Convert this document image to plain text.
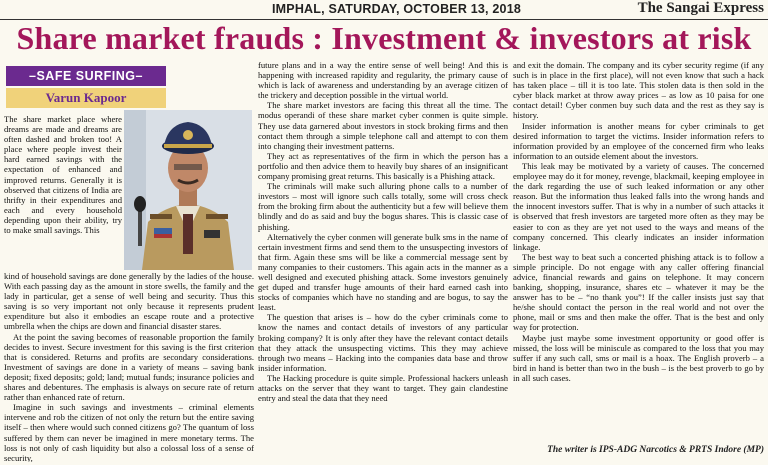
IMPHAL, SATURDAY, OCTOBER 13, 2018	The Sangai Express
Share market frauds : Investment & investors at risk
–SAFE SURFING–
Varun Kapoor

The share market place where dreams are made and dreams are often dashed and broken too! A place where people invest their hard earned savings with the expectation of enhanced and improved returns. Generally it is observed that citizens of India are thrifty in their expenditures and each and every household depending upon their ability, try to make small savings. This

kind of household savings are done generally by the ladies of the house. With each passing day as the amount in store swells, the family and the lady in particular, get a sense of well being and security. Thus this saving is so very important not only because it represents prudent expenditure but also it embodies an escape route and a protective umbrella when the chips are down and financial disaster stares.

At the point the saving becomes of reasonable proportion the family decides to invest. Secure investment for this saving is the first criterion that is considered. Returns and profits are secondary considerations. Investment of savings are done in a variety of means – saving bank deposit; fixed deposits; gold; land; mutual funds; insurance policies and shares and debentures. The emphasis is always on secure rate of return rather than enhanced rate of return.

Imagine in such savings and investments – criminal elements intervene and rob the citizen of not only the return but the entire saving itself – then where would such conned citizens go? The quantum of loss suffered by them can never be imagined in mere monetary terms. The loss is not only of cash liquidity but also a colossal loss of a sense of security,

future plans and in a way the entire sense of well being! And this is happening with increased rapidity and regularity, the primary cause of which is lack of awareness and understanding by an average citizen of the trickery and deception possible in the virtual world.

The share market investors are facing this threat all the time. The modus operandi of these share market cyber conmen is quite simple. They use data garnered about investors in stock broking firms and then contact them through a simple telephone call and attempt to con them into changing their investment patterns.

They act as representatives of the firm in which the person has a portfolio and then advice them to heavily buy shares of an insignificant company promising great returns. This basically is a Phishing attack.

The criminals will make such alluring phone calls to a number of investors – most will ignore such calls totally, some will cross check from the broking firm about the authenticity but a few will believe them blindly and do as said and buy the bogus shares. This is classic case of phishing.

Alternatively the cyber conmen will generate bulk sms in the name of certain investment firms and send them to the unsuspecting investors of that firm. Again these sms will be like a commercial message sent by many companies to their customers. This again acts in the manner as a well designed and executed phishing attack. Some investors genuinely get duped and transfer huge amounts of their hard earned cash into stocks of companies which have no standing and are bogus, to say the least.

The question that arises is – how do the cyber criminals come to know the names and contact details of investors of any particular broking company? It is only after they have the relevant contact details that they attack the unsuspecting victims. This they may achieve through two means – Hacking into the companies data base and throw insider information.

The Hacking procedure is quite simple. Professional hackers unleash attacks on the server that they want to target. They gain clandestine entry and steal the data that they need

and exit the domain. The company and its cyber security regime (if any such is in place in the first place), will not even know that such a hack has taken place – till it is too late. This stolen data is then sold in the cyber black market at throw away prices – as low as 10 paisa for one contact detail! Cyber conmen buy such data and the rest as they say is history.

Insider information is another means for cyber criminals to get desired information to target the victims. Insider information refers to information provided by an employee of the concerned firm who leaks information to an outside element about the investors.

This leak may be motivated by a variety of causes. The concerned employee may do it for money, revenge, blackmail, keeping employee in the dark regarding the use of such leaked information or any other reason. But the information thus leaked falls into the wrong hands and the innocent investors suffer. That is why in a number of such attacks it is observed that fresh investors are targeted more often as they may be easier to con as they are yet not used to the ways and means of the company concerned. This clearly indicates an insider information linkage.

The best way to beat such a concerted phishing attack is to follow a simple principle. Do not engage with any caller offering financial advice, financial rewards and gains on telephone. It may concern banking, shopping, insurance, shares etc – whatever it may be the answer has to be – “no thank you”! If the caller insists just say that he/she should contact the person in the real world and not over the phone, mail or sms and then make the offer. That is the best and only way for protection.

Maybe just maybe some investment opportunity or good offer is missed, the loss will be miniscule as compared to the loss that you may suffer if any such call, sms or mail is a hoax. The English proverb – a bird in hand is better than two in the bush – is the best proverb to go by in all such cases.

The writer is IPS-ADG Narcotics & PRTS Indore (MP)
